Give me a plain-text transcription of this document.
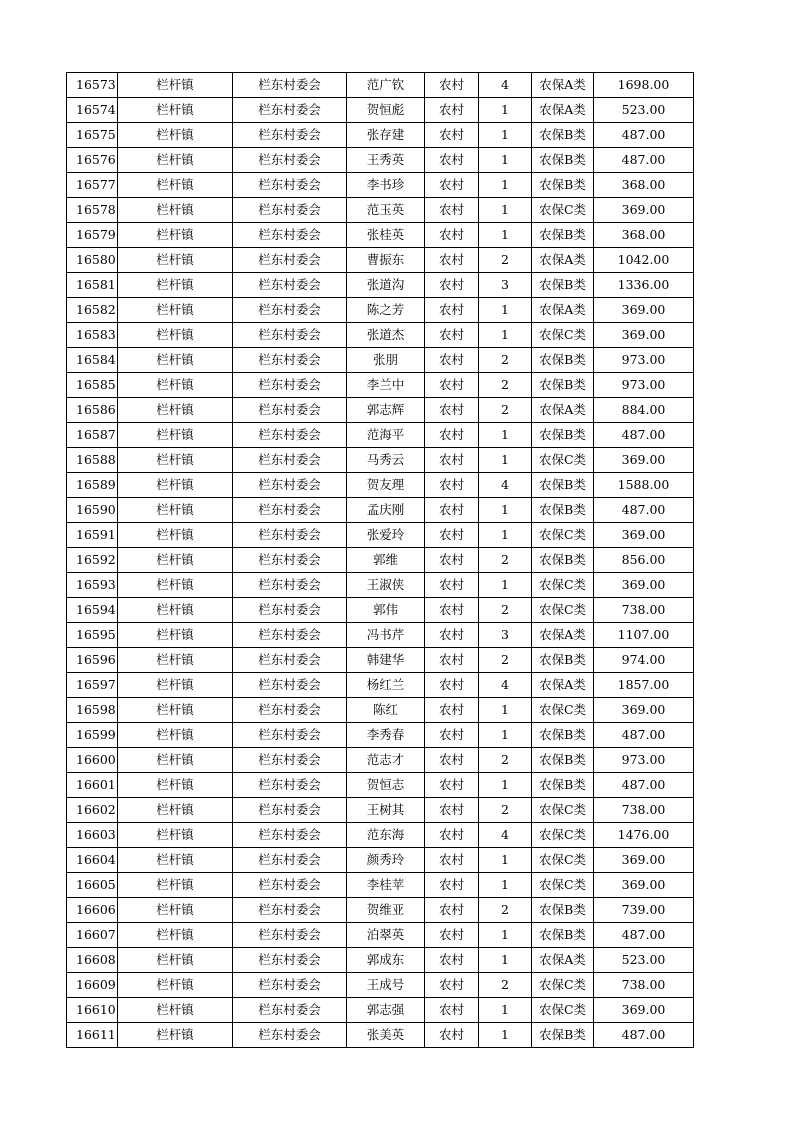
16573	栏杆镇	栏东村委会	范广钦	农村	4	农保A类	1698.00
16574	栏杆镇	栏东村委会	贺恒彪	农村	1	农保A类	523.00
16575	栏杆镇	栏东村委会	张存建	农村	1	农保B类	487.00
16576	栏杆镇	栏东村委会	王秀英	农村	1	农保B类	487.00
16577	栏杆镇	栏东村委会	李书珍	农村	1	农保B类	368.00
16578	栏杆镇	栏东村委会	范玉英	农村	1	农保C类	369.00
16579	栏杆镇	栏东村委会	张桂英	农村	1	农保B类	368.00
16580	栏杆镇	栏东村委会	曹振东	农村	2	农保A类	1042.00
16581	栏杆镇	栏东村委会	张道沟	农村	3	农保B类	1336.00
16582	栏杆镇	栏东村委会	陈之芳	农村	1	农保A类	369.00
16583	栏杆镇	栏东村委会	张道杰	农村	1	农保C类	369.00
16584	栏杆镇	栏东村委会	张朋	农村	2	农保B类	973.00
16585	栏杆镇	栏东村委会	李兰中	农村	2	农保B类	973.00
16586	栏杆镇	栏东村委会	郭志辉	农村	2	农保A类	884.00
16587	栏杆镇	栏东村委会	范海平	农村	1	农保B类	487.00
16588	栏杆镇	栏东村委会	马秀云	农村	1	农保C类	369.00
16589	栏杆镇	栏东村委会	贺友理	农村	4	农保B类	1588.00
16590	栏杆镇	栏东村委会	孟庆刚	农村	1	农保B类	487.00
16591	栏杆镇	栏东村委会	张爱玲	农村	1	农保C类	369.00
16592	栏杆镇	栏东村委会	郭维	农村	2	农保B类	856.00
16593	栏杆镇	栏东村委会	王淑侠	农村	1	农保C类	369.00
16594	栏杆镇	栏东村委会	郭伟	农村	2	农保C类	738.00
16595	栏杆镇	栏东村委会	冯书芹	农村	3	农保A类	1107.00
16596	栏杆镇	栏东村委会	韩建华	农村	2	农保B类	974.00
16597	栏杆镇	栏东村委会	杨红兰	农村	4	农保A类	1857.00
16598	栏杆镇	栏东村委会	陈红	农村	1	农保C类	369.00
16599	栏杆镇	栏东村委会	李秀春	农村	1	农保B类	487.00
16600	栏杆镇	栏东村委会	范志才	农村	2	农保B类	973.00
16601	栏杆镇	栏东村委会	贺恒志	农村	1	农保B类	487.00
16602	栏杆镇	栏东村委会	王树其	农村	2	农保C类	738.00
16603	栏杆镇	栏东村委会	范东海	农村	4	农保C类	1476.00
16604	栏杆镇	栏东村委会	颜秀玲	农村	1	农保C类	369.00
16605	栏杆镇	栏东村委会	李桂苹	农村	1	农保C类	369.00
16606	栏杆镇	栏东村委会	贺维亚	农村	2	农保B类	739.00
16607	栏杆镇	栏东村委会	泊翠英	农村	1	农保B类	487.00
16608	栏杆镇	栏东村委会	郭成东	农村	1	农保A类	523.00
16609	栏杆镇	栏东村委会	王成号	农村	2	农保C类	738.00
16610	栏杆镇	栏东村委会	郭志强	农村	1	农保C类	369.00
16611	栏杆镇	栏东村委会	张美英	农村	1	农保B类	487.00
